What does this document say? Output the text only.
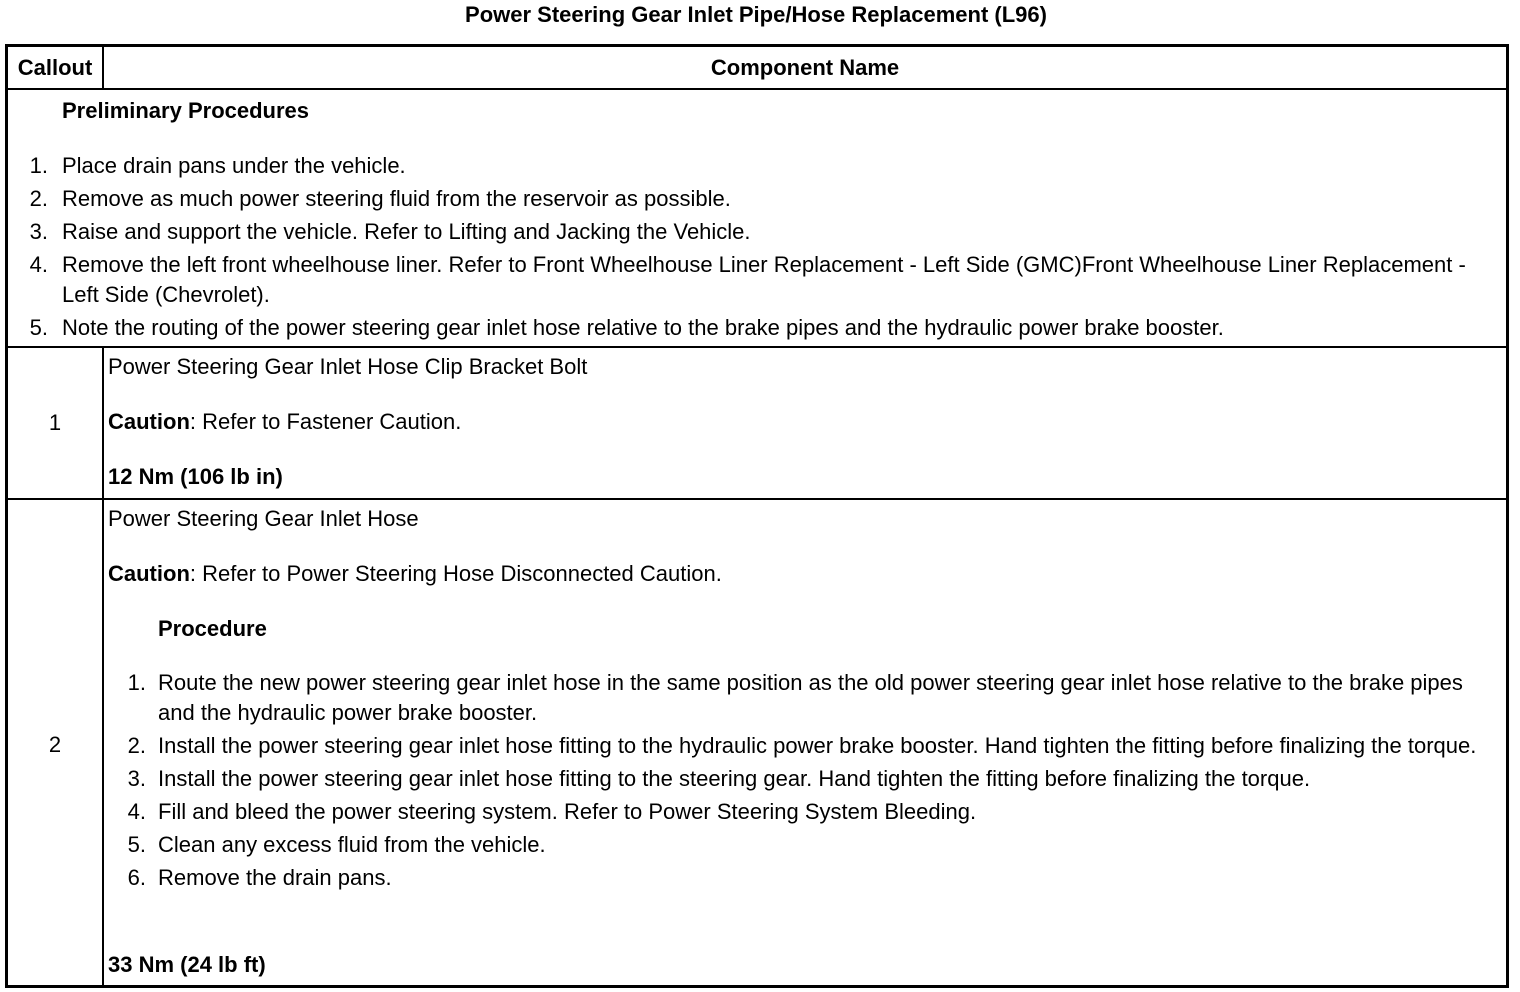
Power Steering Gear Inlet Pipe/Hose Replacement (L96)
Callout	Component Name
Preliminary Procedures
1. Place drain pans under the vehicle.
2. Remove as much power steering fluid from the reservoir as possible.
3. Raise and support the vehicle. Refer to Lifting and Jacking the Vehicle.
4. Remove the left front wheelhouse liner. Refer to Front Wheelhouse Liner Replacement - Left Side (GMC)Front Wheelhouse Liner Replacement - Left Side (Chevrolet).
5. Note the routing of the power steering gear inlet hose relative to the brake pipes and the hydraulic power brake booster.
1
Power Steering Gear Inlet Hose Clip Bracket Bolt
Caution: Refer to Fastener Caution.
12 Nm (106 lb in)
2
Power Steering Gear Inlet Hose
Caution: Refer to Power Steering Hose Disconnected Caution.
Procedure
1. Route the new power steering gear inlet hose in the same position as the old power steering gear inlet hose relative to the brake pipes and the hydraulic power brake booster.
2. Install the power steering gear inlet hose fitting to the hydraulic power brake booster. Hand tighten the fitting before finalizing the torque.
3. Install the power steering gear inlet hose fitting to the steering gear. Hand tighten the fitting before finalizing the torque.
4. Fill and bleed the power steering system. Refer to Power Steering System Bleeding.
5. Clean any excess fluid from the vehicle.
6. Remove the drain pans.
33 Nm (24 lb ft)
